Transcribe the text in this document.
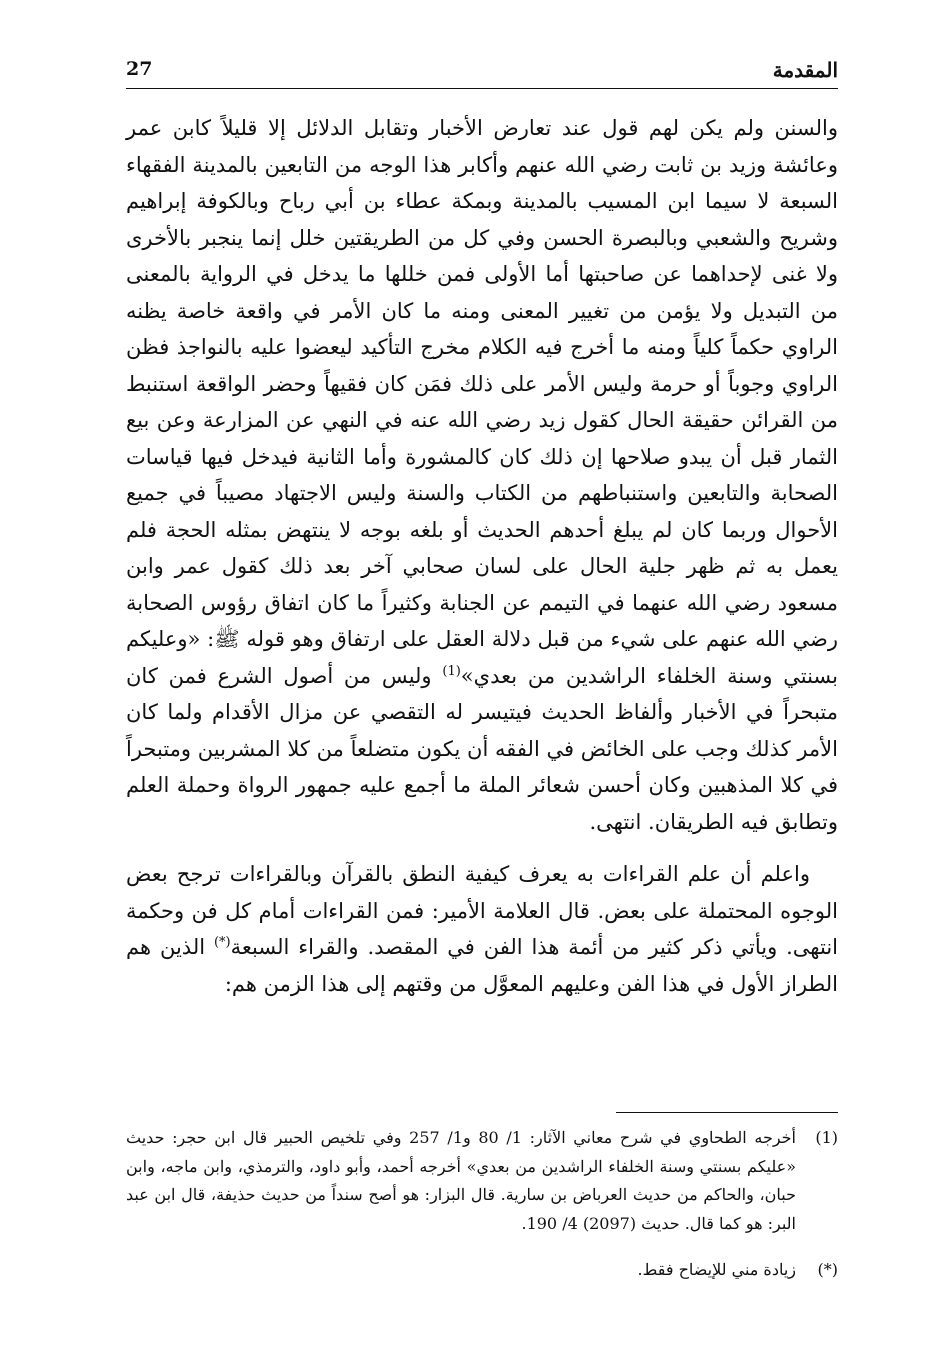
27	المقدمة

والسنن ولم يكن لهم قول عند تعارض الأخبار وتقابل الدلائل إلا قليلاً كابن عمر وعائشة وزيد بن ثابت رضي الله عنهم وأكابر هذا الوجه من التابعين بالمدينة الفقهاء السبعة لا سيما ابن المسيب بالمدينة وبمكة عطاء بن أبي رباح وبالكوفة إبراهيم وشريح والشعبي وبالبصرة الحسن وفي كل من الطريقتين خلل إنما ينجبر بالأخرى ولا غنى لإحداهما عن صاحبتها أما الأولى فمن خللها ما يدخل في الرواية بالمعنى من التبديل ولا يؤمن من تغيير المعنى ومنه ما كان الأمر في واقعة خاصة يظنه الراوي حكماً كلياً ومنه ما أخرج فيه الكلام مخرج التأكيد ليعضوا عليه بالنواجذ فظن الراوي وجوباً أو حرمة وليس الأمر على ذلك فمَن كان فقيهاً وحضر الواقعة استنبط من القرائن حقيقة الحال كقول زيد رضي الله عنه في النهي عن المزارعة وعن بيع الثمار قبل أن يبدو صلاحها إن ذلك كان كالمشورة وأما الثانية فيدخل فيها قياسات الصحابة والتابعين واستنباطهم من الكتاب والسنة وليس الاجتهاد مصيباً في جميع الأحوال وربما كان لم يبلغ أحدهم الحديث أو بلغه بوجه لا ينتهض بمثله الحجة فلم يعمل به ثم ظهر جلية الحال على لسان صحابي آخر بعد ذلك كقول عمر وابن مسعود رضي الله عنهما في التيمم عن الجنابة وكثيراً ما كان اتفاق رؤوس الصحابة رضي الله عنهم على شيء من قبل دلالة العقل على ارتفاق وهو قوله ﷺ: «وعليكم بسنتي وسنة الخلفاء الراشدين من بعدي»$^{(1)}$ وليس من أصول الشرع فمن كان متبحراً في الأخبار وألفاظ الحديث فيتيسر له التقصي عن مزال الأقدام ولما كان الأمر كذلك وجب على الخائض في الفقه أن يكون متضلعاً من كلا المشربين ومتبحراً في كلا المذهبين وكان أحسن شعائر الملة ما أجمع عليه جمهور الرواة وحملة العلم وتطابق فيه الطريقان. انتهى.

واعلم أن علم القراءات به يعرف كيفية النطق بالقرآن وبالقراءات ترجح بعض الوجوه المحتملة على بعض. قال العلامة الأمير: فمن القراءات أمام كل فن وحكمة انتهى. ويأتي ذكر كثير من أئمة هذا الفن في المقصد. والقراء السبعة(*) الذين هم الطراز الأول في هذا الفن وعليهم المعوَّل من وقتهم إلى هذا الزمن هم:

(1)
أخرجه الطحاوي في شرح معاني الآثار: 1/ 80 و1/ 257 وفي تلخيص الحبير قال ابن حجر: حديث «عليكم بسنتي وسنة الخلفاء الراشدين من بعدي» أخرجه أحمد، وأبو داود، والترمذي، وابن ماجه، وابن حبان، والحاكم من حديث العرباض بن سارية. قال البزار: هو أصح سنداً من حديث حذيفة، قال ابن عبد البر: هو كما قال. حديث (2097) 4/ 190.
(*)
زيادة مني للإيضاح فقط.
